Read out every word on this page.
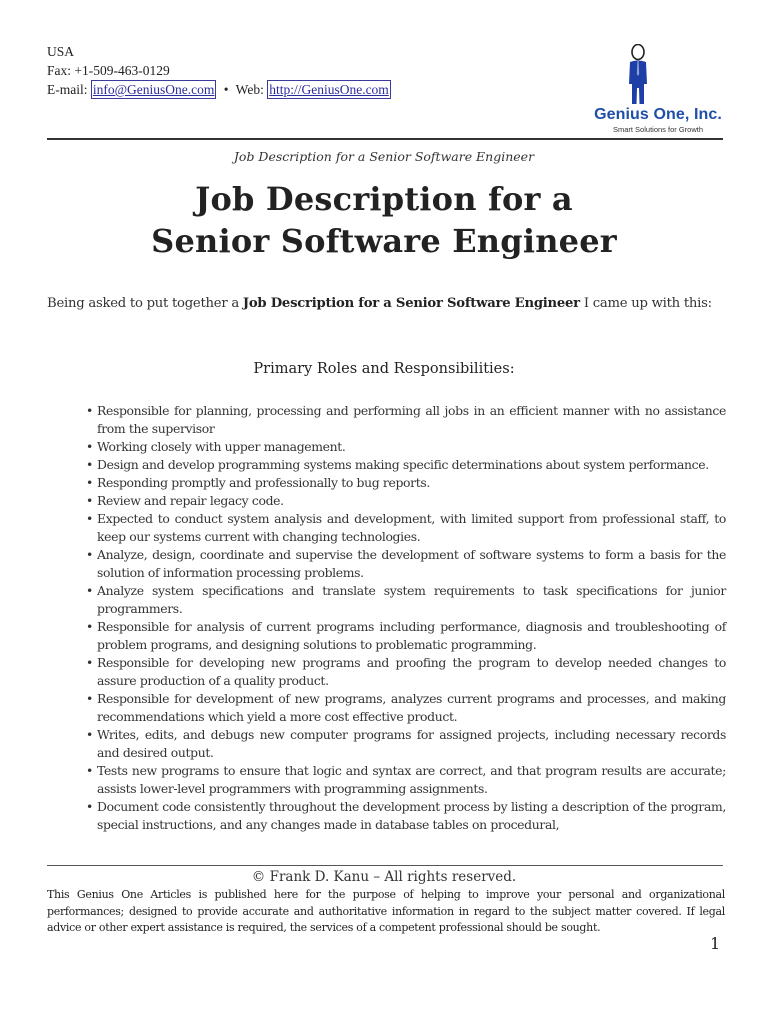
USA
Fax: +1-509-463-0129
E-mail: info@GeniusOne.com • Web: http://GeniusOne.com
Genius One, Inc.
Smart Solutions for Growth
Job Description for a Senior Software Engineer
Job Description for a
Senior Software Engineer
Being asked to put together a Job Description for a Senior Software Engineer I came up with this:
Primary Roles and Responsibilities:
• Responsible for planning, processing and performing all jobs in an efficient manner with no assistance from the supervisor
• Working closely with upper management.
• Design and develop programming systems making specific determinations about system performance.
• Responding promptly and professionally to bug reports.
• Review and repair legacy code.
• Expected to conduct system analysis and development, with limited support from professional staff, to keep our systems current with changing technologies.
• Analyze, design, coordinate and supervise the development of software systems to form a basis for the solution of information processing problems.
• Analyze system specifications and translate system requirements to task specifications for junior programmers.
• Responsible for analysis of current programs including performance, diagnosis and troubleshooting of problem programs, and designing solutions to problematic programming.
• Responsible for developing new programs and proofing the program to develop needed changes to assure production of a quality product.
• Responsible for development of new programs, analyzes current programs and processes, and making recommendations which yield a more cost effective product.
• Writes, edits, and debugs new computer programs for assigned projects, including necessary records and desired output.
• Tests new programs to ensure that logic and syntax are correct, and that program results are accurate; assists lower-level programmers with programming assignments.
• Document code consistently throughout the development process by listing a description of the program, special instructions, and any changes made in database tables on procedural,
© Frank D. Kanu – All rights reserved.
This Genius One Articles is published here for the purpose of helping to improve your personal and organizational performances; designed to provide accurate and authoritative information in regard to the subject matter covered. If legal advice or other expert assistance is required, the services of a competent professional should be sought.
1
